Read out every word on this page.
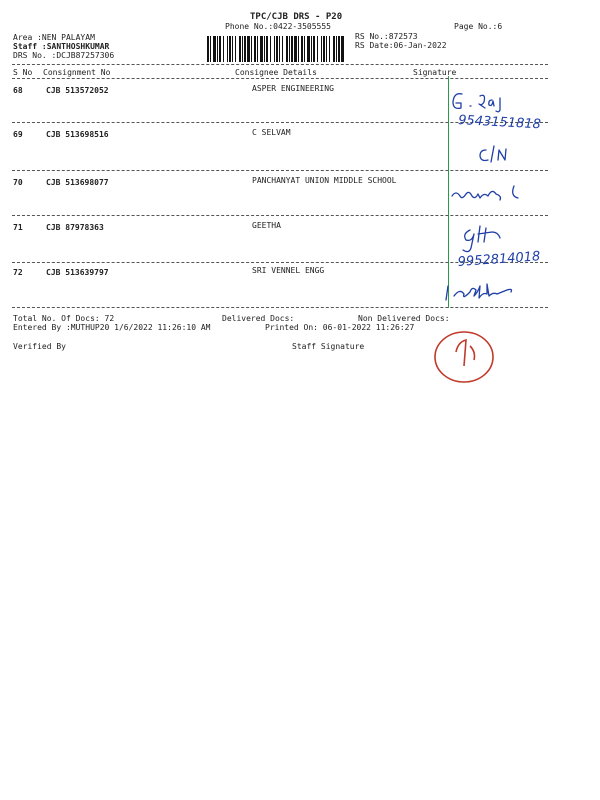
TPC/CJB DRS - P20
Phone No.:0422-3505555	Page No.:6
Area :NEN PALAYAM
Staff :SANTHOSHKUMAR
DRS No. :DCJB87257306
RS No.:872573
RS Date:06-Jan-2022
S No Consignment No	Consignee Details	Signature
68	CJB 513572052	ASPER ENGINEERING
69	CJB 513698516	C SELVAM
70	CJB 513698077	PANCHANYAT UNION MIDDLE SCHOOL
71	CJB 87978363	GEETHA
72	CJB 513639797	SRI VENNEL ENGG
Total No. Of Docs: 72	Delivered Docs:	Non Delivered Docs:
Entered By :MUTHUP20 1/6/2022 11:26:10 AM	Printed On: 06-01-2022 11:26:27
Verified By	Staff Signature
9543151818
9952814018
